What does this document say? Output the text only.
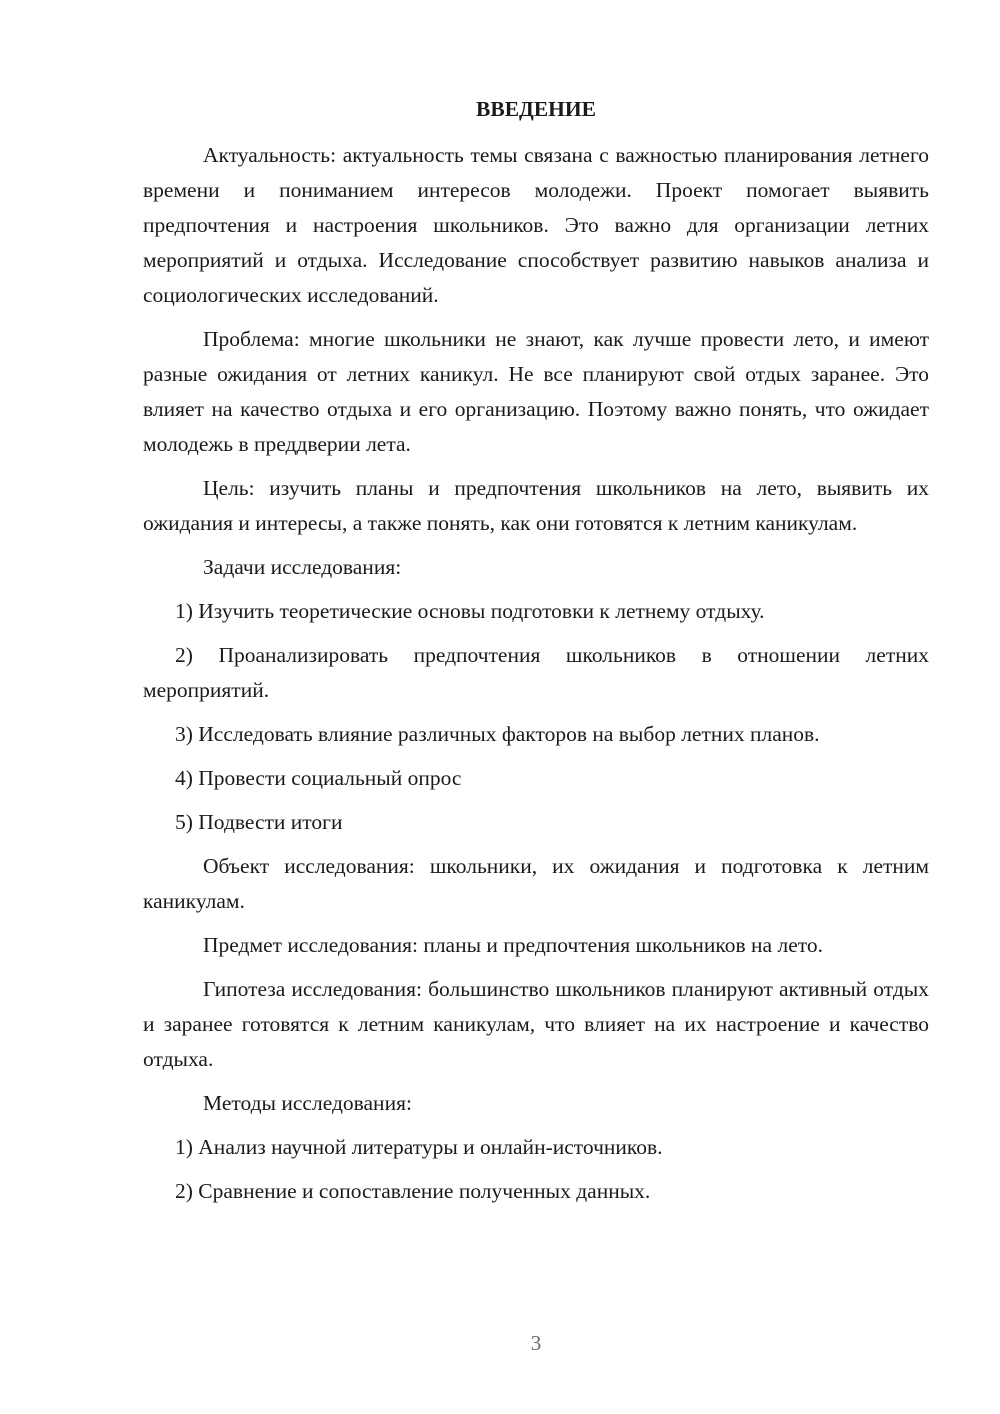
ВВЕДЕНИЕ

Актуальность: актуальность темы связана с важностью планирования летнего времени и пониманием интересов молодежи. Проект помогает выявить предпочтения и настроения школьников. Это важно для организации летних мероприятий и отдыха. Исследование способствует развитию навыков анализа и социологических исследований.

Проблема: многие школьники не знают, как лучше провести лето, и имеют разные ожидания от летних каникул. Не все планируют свой отдых заранее. Это влияет на качество отдыха и его организацию. Поэтому важно понять, что ожидает молодежь в преддверии лета.

Цель: изучить планы и предпочтения школьников на лето, выявить их ожидания и интересы, а также понять, как они готовятся к летним каникулам.

Задачи исследования:

1) Изучить теоретические основы подготовки к летнему отдыху.

2) Проанализировать предпочтения школьников в отношении летних мероприятий.

3) Исследовать влияние различных факторов на выбор летних планов.

4) Провести социальный опрос

5) Подвести итоги

Объект исследования: школьники, их ожидания и подготовка к летним каникулам.

Предмет исследования: планы и предпочтения школьников на лето.

Гипотеза исследования: большинство школьников планируют активный отдых и заранее готовятся к летним каникулам, что влияет на их настроение и качество отдыха.

Методы исследования:

1) Анализ научной литературы и онлайн-источников.

2) Сравнение и сопоставление полученных данных.

3
